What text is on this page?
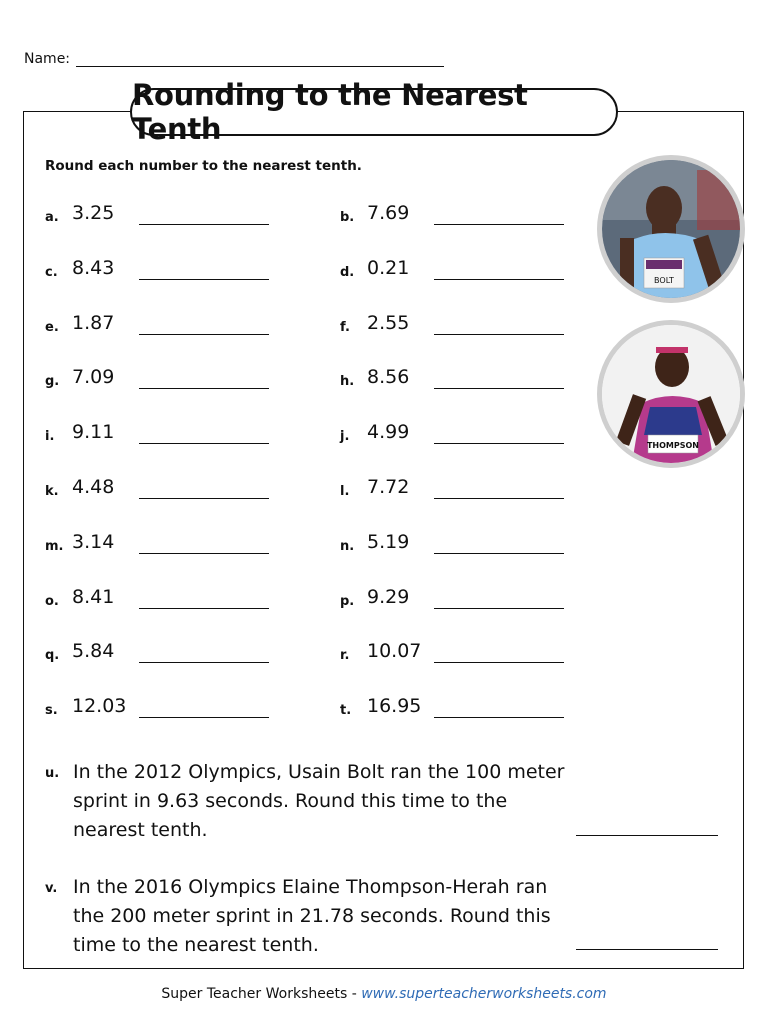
Name:
Rounding to the Nearest Tenth
Round each number to the nearest tenth.
a. 3.25	b. 7.69
c. 8.43	d. 0.21
e. 1.87	f. 2.55
g. 7.09	h. 8.56
i. 9.11	j. 4.99
k. 4.48	l. 7.72
m. 3.14	n. 5.19
o. 8.41	p. 9.29
q. 5.84	r. 10.07
s. 12.03	t. 16.95
u. In the 2012 Olympics, Usain Bolt ran the 100 meter sprint in 9.63 seconds. Round this time to the nearest tenth.
v. In the 2016 Olympics Elaine Thompson-Herah ran the 200 meter sprint in 21.78 seconds. Round this time to the nearest tenth.
BOLT
THOMPSON
Super Teacher Worksheets - www.superteacherworksheets.com
